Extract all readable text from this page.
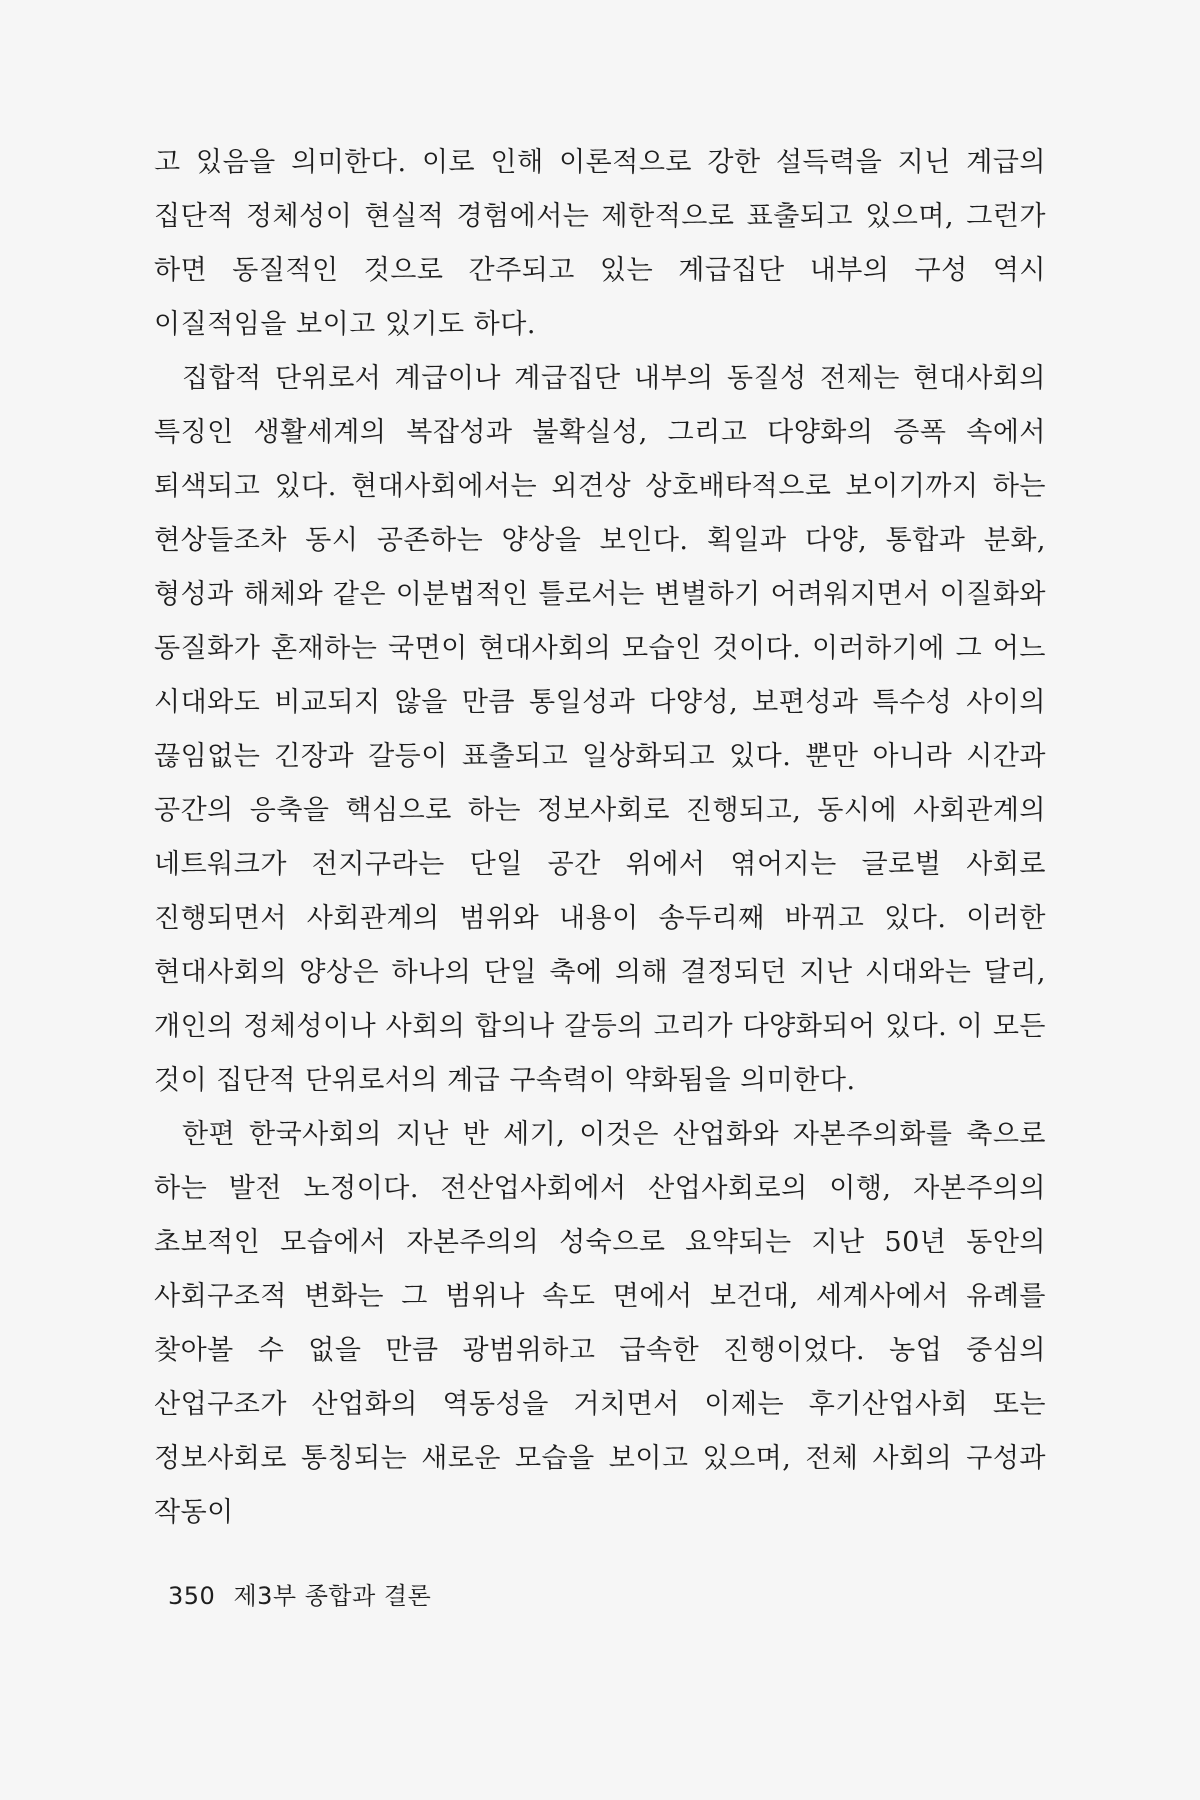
고 있음을 의미한다. 이로 인해 이론적으로 강한 설득력을 지닌 계급의 집단적 정체성이 현실적 경험에서는 제한적으로 표출되고 있으며, 그런가 하면 동질적인 것으로 간주되고 있는 계급집단 내부의 구성 역시 이질적임을 보이고 있기도 하다.

집합적 단위로서 계급이나 계급집단 내부의 동질성 전제는 현대사회의 특징인 생활세계의 복잡성과 불확실성, 그리고 다양화의 증폭 속에서 퇴색되고 있다. 현대사회에서는 외견상 상호배타적으로 보이기까지 하는 현상들조차 동시 공존하는 양상을 보인다. 획일과 다양, 통합과 분화, 형성과 해체와 같은 이분법적인 틀로서는 변별하기 어려워지면서 이질화와 동질화가 혼재하는 국면이 현대사회의 모습인 것이다. 이러하기에 그 어느 시대와도 비교되지 않을 만큼 통일성과 다양성, 보편성과 특수성 사이의 끊임없는 긴장과 갈등이 표출되고 일상화되고 있다. 뿐만 아니라 시간과 공간의 응축을 핵심으로 하는 정보사회로 진행되고, 동시에 사회관계의 네트워크가 전지구라는 단일 공간 위에서 엮어지는 글로벌 사회로 진행되면서 사회관계의 범위와 내용이 송두리째 바뀌고 있다. 이러한 현대사회의 양상은 하나의 단일 축에 의해 결정되던 지난 시대와는 달리, 개인의 정체성이나 사회의 합의나 갈등의 고리가 다양화되어 있다. 이 모든 것이 집단적 단위로서의 계급 구속력이 약화됨을 의미한다.

한편 한국사회의 지난 반 세기, 이것은 산업화와 자본주의화를 축으로 하는 발전 노정이다. 전산업사회에서 산업사회로의 이행, 자본주의의 초보적인 모습에서 자본주의의 성숙으로 요약되는 지난 50년 동안의 사회구조적 변화는 그 범위나 속도 면에서 보건대, 세계사에서 유례를 찾아볼 수 없을 만큼 광범위하고 급속한 진행이었다. 농업 중심의 산업구조가 산업화의 역동성을 거치면서 이제는 후기산업사회 또는 정보사회로 통칭되는 새로운 모습을 보이고 있으며, 전체 사회의 구성과 작동이

350 제3부 종합과 결론
